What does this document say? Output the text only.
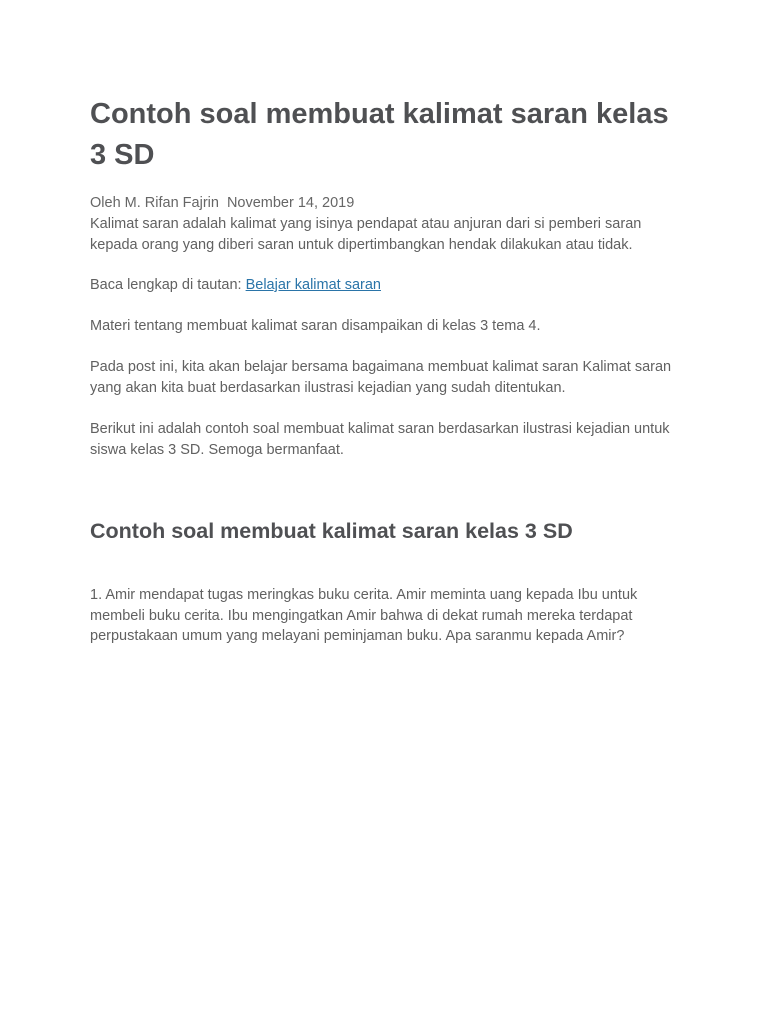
Contoh soal membuat kalimat saran kelas 3 SD
Oleh M. Rifan Fajrin November 14, 2019

Kalimat saran adalah kalimat yang isinya pendapat atau anjuran dari si pemberi saran kepada orang yang diberi saran untuk dipertimbangkan hendak dilakukan atau tidak.

Baca lengkap di tautan: Belajar kalimat saran

Materi tentang membuat kalimat saran disampaikan di kelas 3 tema 4.

Pada post ini, kita akan belajar bersama bagaimana membuat kalimat saran Kalimat saran yang akan kita buat berdasarkan ilustrasi kejadian yang sudah ditentukan.

Berikut ini adalah contoh soal membuat kalimat saran berdasarkan ilustrasi kejadian untuk siswa kelas 3 SD. Semoga bermanfaat.

Contoh soal membuat kalimat saran kelas 3 SD

1. Amir mendapat tugas meringkas buku cerita. Amir meminta uang kepada Ibu untuk membeli buku cerita. Ibu mengingatkan Amir bahwa di dekat rumah mereka terdapat perpustakaan umum yang melayani peminjaman buku. Apa saranmu kepada Amir?
